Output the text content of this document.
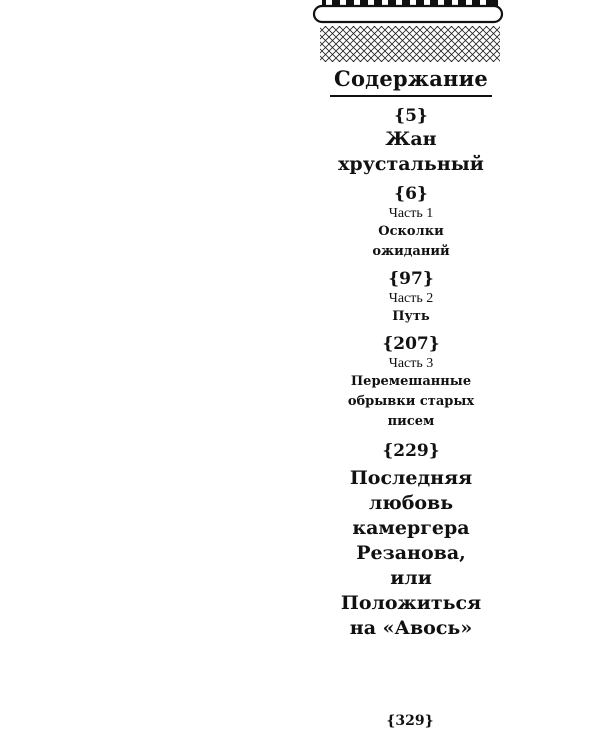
Содержание
{5}
Жан
хрустальный
{6}
Часть 1
Осколки
ожиданий
{97}
Часть 2
Путь
{207}
Часть 3
Перемешанные
обрывки старых
писем
{229}
Последняя
любовь
камергера
Резанова,
или
Положиться
на «Авось»
{329}
